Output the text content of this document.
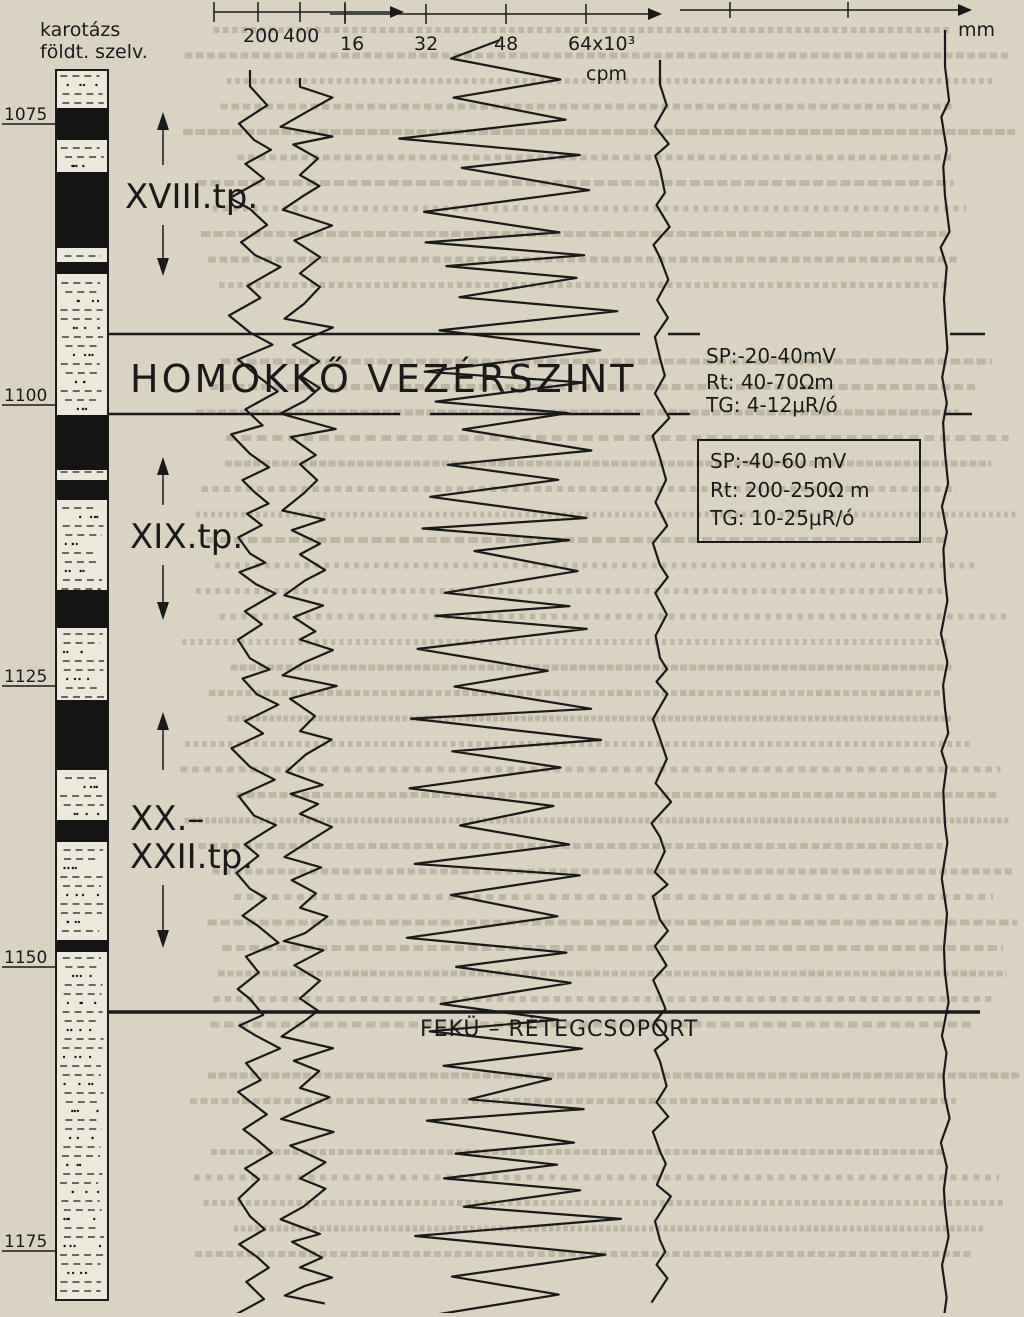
karotázs
földt. szelv.
200 400 16	32	48	64x10³
cpm
mm
1075
1100
1125
1150
1175
XVIII.tp.
XIX.tp.
XX.–
XXII.tp.
HOMOKKŐ VEZÉRSZINT
FEKÜ – RÉTEGCSOPORT
SP:-20-40mV
Rt: 40-70Ωm
TG: 4-12μR/ó
SP:-40-60 mV
Rt: 200-250Ω m
TG: 10-25μR/ó
